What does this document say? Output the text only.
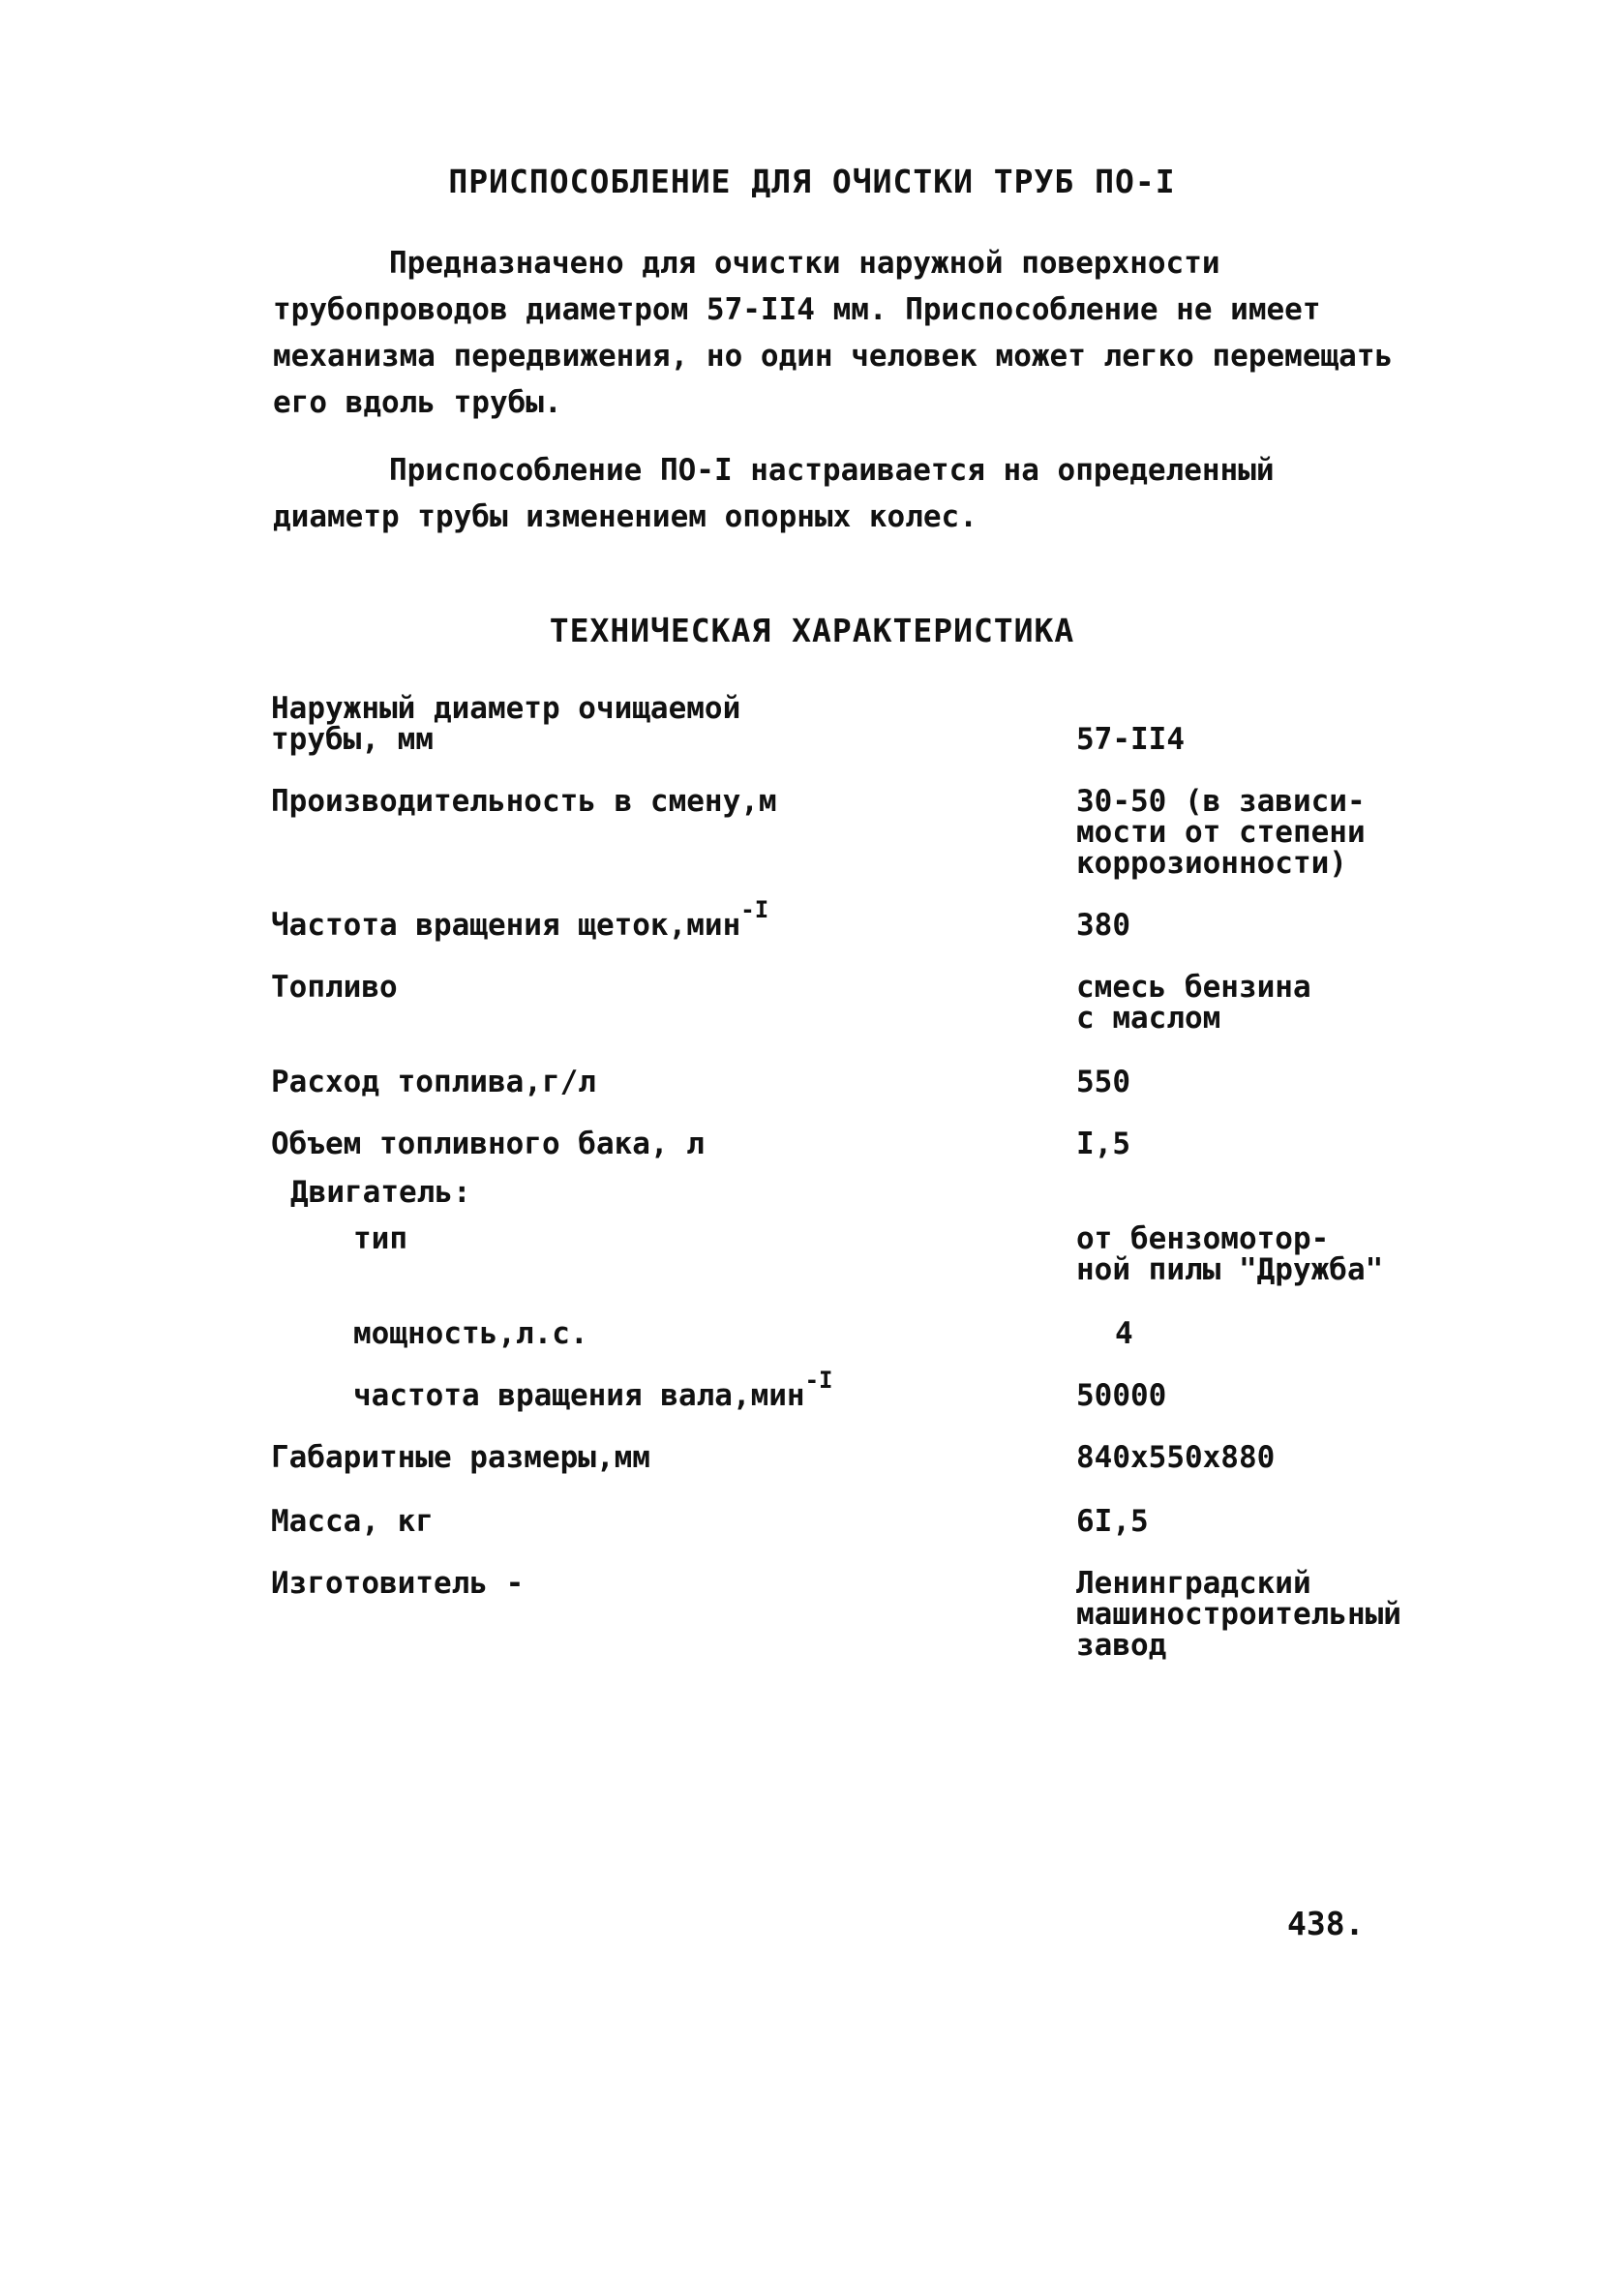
ПРИСПОСОБЛЕНИЕ ДЛЯ ОЧИСТКИ ТРУБ ПО-I

Предназначено для очистки наружной поверхности трубопроводов диаметром 57-II4 мм. Приспособление не имеет механизма передвижения, но один человек может легко перемещать его вдоль трубы.

Приспособление ПО-I настраивается на определенный диаметр трубы изменением опорных колес.

ТЕХНИЧЕСКАЯ ХАРАКТЕРИСТИКА
Наружный диаметр очищаемой
трубы, мм	57-II4
Производительность в смену,м	30-50 (в зависи-
мости от степени
коррозионности)
Частота вращения щеток,мин$^{-I}$	380
Топливо	смесь бензина
с маслом
Расход топлива,г/л	550
Объем топливного бака, л	I,5
Двигатель:
тип	от бензомотор-
ной пилы "Дружба"
мощность,л.с.	4
частота вращения вала,мин$^{-I}$	50000
Габаритные размеры,мм	840x550x880
Масса, кг	6I,5
Изготовитель -	Ленинградский
машиностроительный
завод
438.
